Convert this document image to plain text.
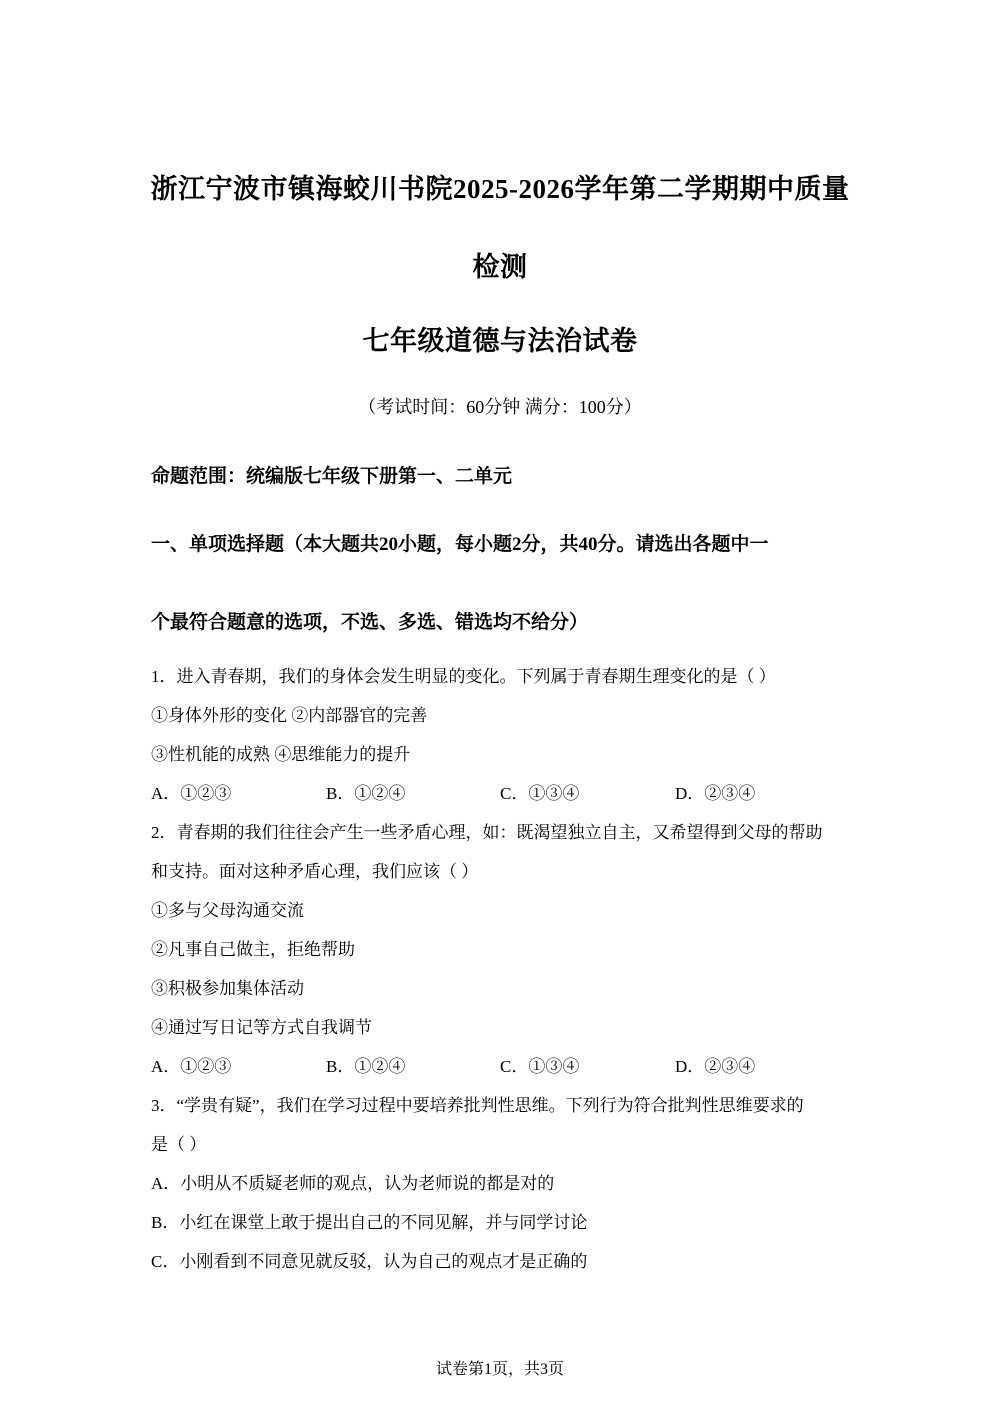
浙江宁波市镇海蛟川书院2025-2026学年第二学期期中质量
检测
七年级道德与法治试卷
（考试时间：60分钟 满分：100分）
命题范围：统编版七年级下册第一、二单元
一、单项选择题（本大题共20小题，每小题2分，共40分。请选出各题中一
个最符合题意的选项，不选、多选、错选均不给分）
1．进入青春期，我们的身体会发生明显的变化。下列属于青春期生理变化的是（ ）
①身体外形的变化 ②内部器官的完善
③性机能的成熟 ④思维能力的提升
A．①②③	B．①②④	C．①③④	D．②③④
2．青春期的我们往往会产生一些矛盾心理，如：既渴望独立自主，又希望得到父母的帮助
和支持。面对这种矛盾心理，我们应该（ ）
①多与父母沟通交流
②凡事自己做主，拒绝帮助
③积极参加集体活动
④通过写日记等方式自我调节
A．①②③	B．①②④	C．①③④	D．②③④
3．“学贵有疑”，我们在学习过程中要培养批判性思维。下列行为符合批判性思维要求的
是（ ）
A．小明从不质疑老师的观点，认为老师说的都是对的
B．小红在课堂上敢于提出自己的不同见解，并与同学讨论
C．小刚看到不同意见就反驳，认为自己的观点才是正确的
试卷第1页，共3页
